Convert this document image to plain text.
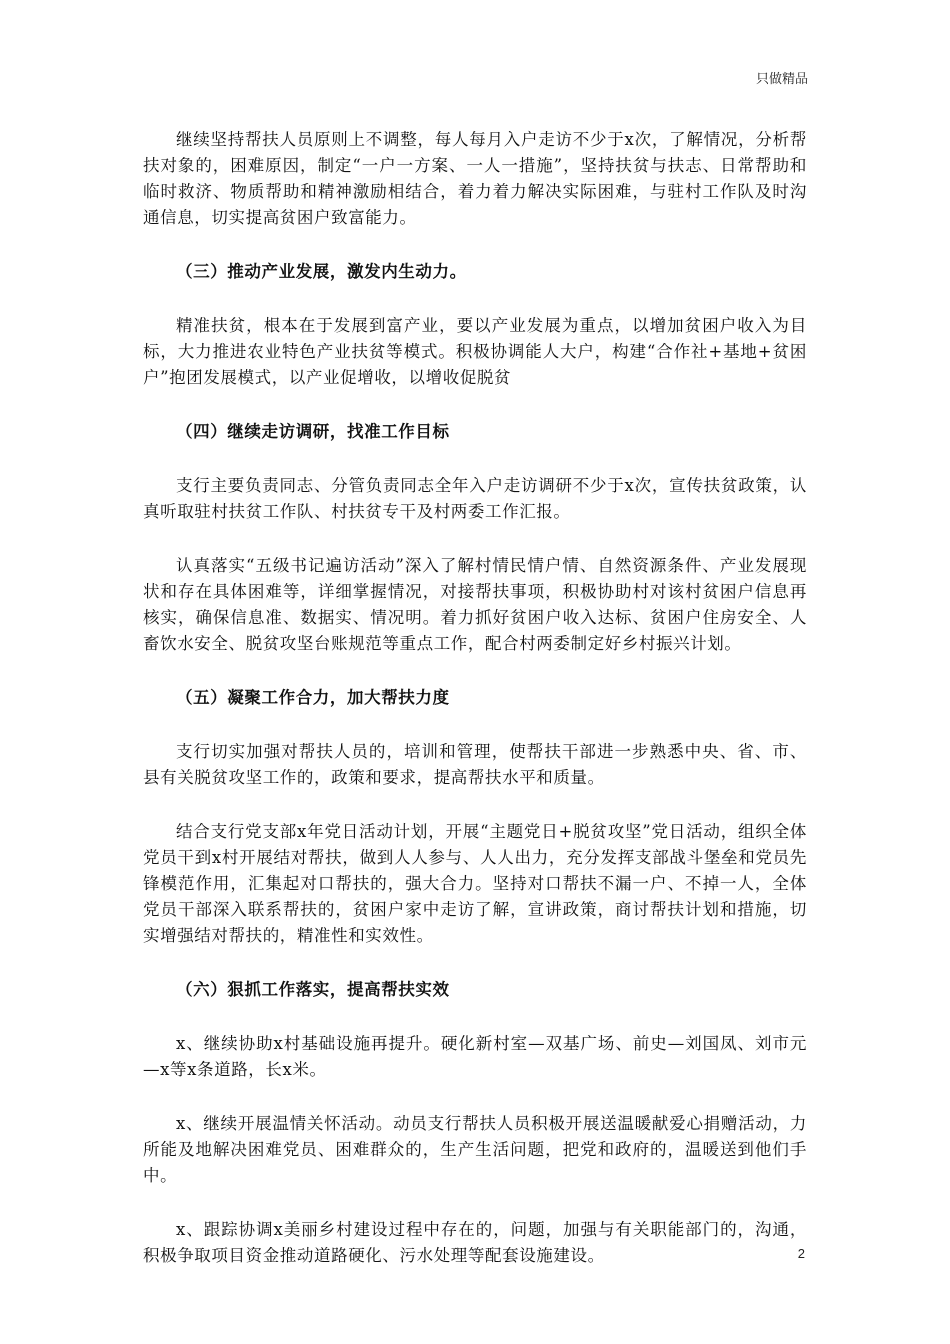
只做精品

继续坚持帮扶人员原则上不调整，每人每月入户走访不少于x次，了解情况，分析帮扶对象的，困难原因，制定“一户一方案、一人一措施”，坚持扶贫与扶志、日常帮助和临时救济、物质帮助和精神激励相结合，着力着力解决实际困难，与驻村工作队及时沟通信息，切实提高贫困户致富能力。

（三）推动产业发展，激发内生动力。

精准扶贫，根本在于发展到富产业，要以产业发展为重点，以增加贫困户收入为目标，大力推进农业特色产业扶贫等模式。积极协调能人大户，构建“合作社+基地+贫困户”抱团发展模式，以产业促增收，以增收促脱贫

（四）继续走访调研，找准工作目标

支行主要负责同志、分管负责同志全年入户走访调研不少于x次，宣传扶贫政策，认真听取驻村扶贫工作队、村扶贫专干及村两委工作汇报。

认真落实“五级书记遍访活动”深入了解村情民情户情、自然资源条件、产业发展现状和存在具体困难等，详细掌握情况，对接帮扶事项，积极协助村对该村贫困户信息再核实，确保信息准、数据实、情况明。着力抓好贫困户收入达标、贫困户住房安全、人畜饮水安全、脱贫攻坚台账规范等重点工作，配合村两委制定好乡村振兴计划。

（五）凝聚工作合力，加大帮扶力度

支行切实加强对帮扶人员的，培训和管理，使帮扶干部进一步熟悉中央、省、市、县有关脱贫攻坚工作的，政策和要求，提高帮扶水平和质量。

结合支行党支部x年党日活动计划，开展“主题党日+脱贫攻坚”党日活动，组织全体党员干到x村开展结对帮扶，做到人人参与、人人出力，充分发挥支部战斗堡垒和党员先锋模范作用，汇集起对口帮扶的，强大合力。坚持对口帮扶不漏一户、不掉一人，全体党员干部深入联系帮扶的，贫困户家中走访了解，宣讲政策，商讨帮扶计划和措施，切实增强结对帮扶的，精准性和实效性。

（六）狠抓工作落实，提高帮扶实效

x、继续协助x村基础设施再提升。硬化新村室—双基广场、前史—刘国凤、刘市元—x等x条道路，长x米。

x、继续开展温情关怀活动。动员支行帮扶人员积极开展送温暖献爱心捐赠活动，力所能及地解决困难党员、困难群众的，生产生活问题，把党和政府的，温暖送到他们手中。

x、跟踪协调x美丽乡村建设过程中存在的，问题，加强与有关职能部门的，沟通，积极争取项目资金推动道路硬化、污水处理等配套设施建设。	2
